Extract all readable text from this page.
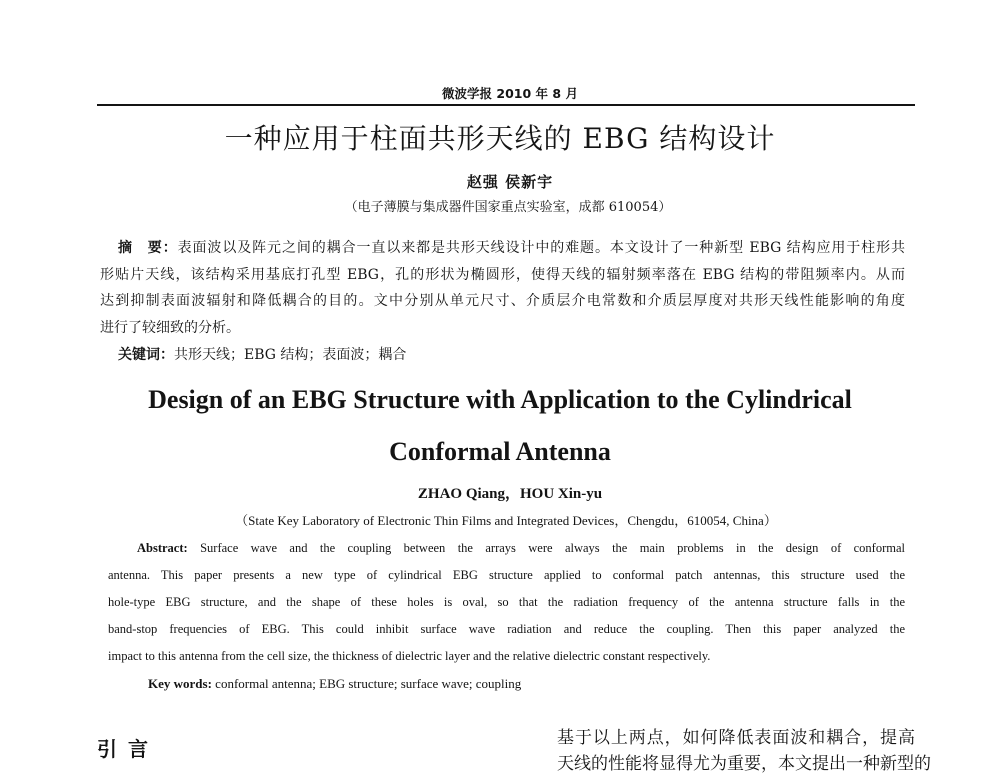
微波学报 2010 年 8 月
一种应用于柱面共形天线的 EBG 结构设计
赵强 侯新宇
（电子薄膜与集成器件国家重点实验室，成都 610054）
摘　要：表面波以及阵元之间的耦合一直以来都是共形天线设计中的难题。本文设计了一种新型 EBG 结构应用于柱形共
形贴片天线，该结构采用基底打孔型 EBG，孔的形状为椭圆形，使得天线的辐射频率落在 EBG 结构的带阻频率内。从而
达到抑制表面波辐射和降低耦合的目的。文中分别从单元尺寸、介质层介电常数和介质层厚度对共形天线性能影响的角度
进行了较细致的分析。
关键词：共形天线；EBG 结构；表面波；耦合
Design of an EBG Structure with Application to the Cylindrical
Conformal Antenna
ZHAO Qiang，HOU Xin-yu
（State Key Laboratory of Electronic Thin Films and Integrated Devices，Chengdu，610054, China）
Abstract: Surface wave and the coupling between the arrays were always the main problems in the design of conformal
antenna. This paper presents a new type of cylindrical EBG structure applied to conformal patch antennas, this structure used the
hole-type EBG structure, and the shape of these holes is oval, so that the radiation frequency of the antenna structure falls in the
band-stop frequencies of EBG. This could inhibit surface wave radiation and reduce the coupling. Then this paper analyzed the
impact to this antenna from the cell size, the thickness of dielectric layer and the relative dielectric constant respectively.
Key words: conformal antenna; EBG structure; surface wave; coupling
引 言	基于以上两点，如何降低表面波和耦合，提高
天线的性能将显得尤为重要，本文提出一种新型的
